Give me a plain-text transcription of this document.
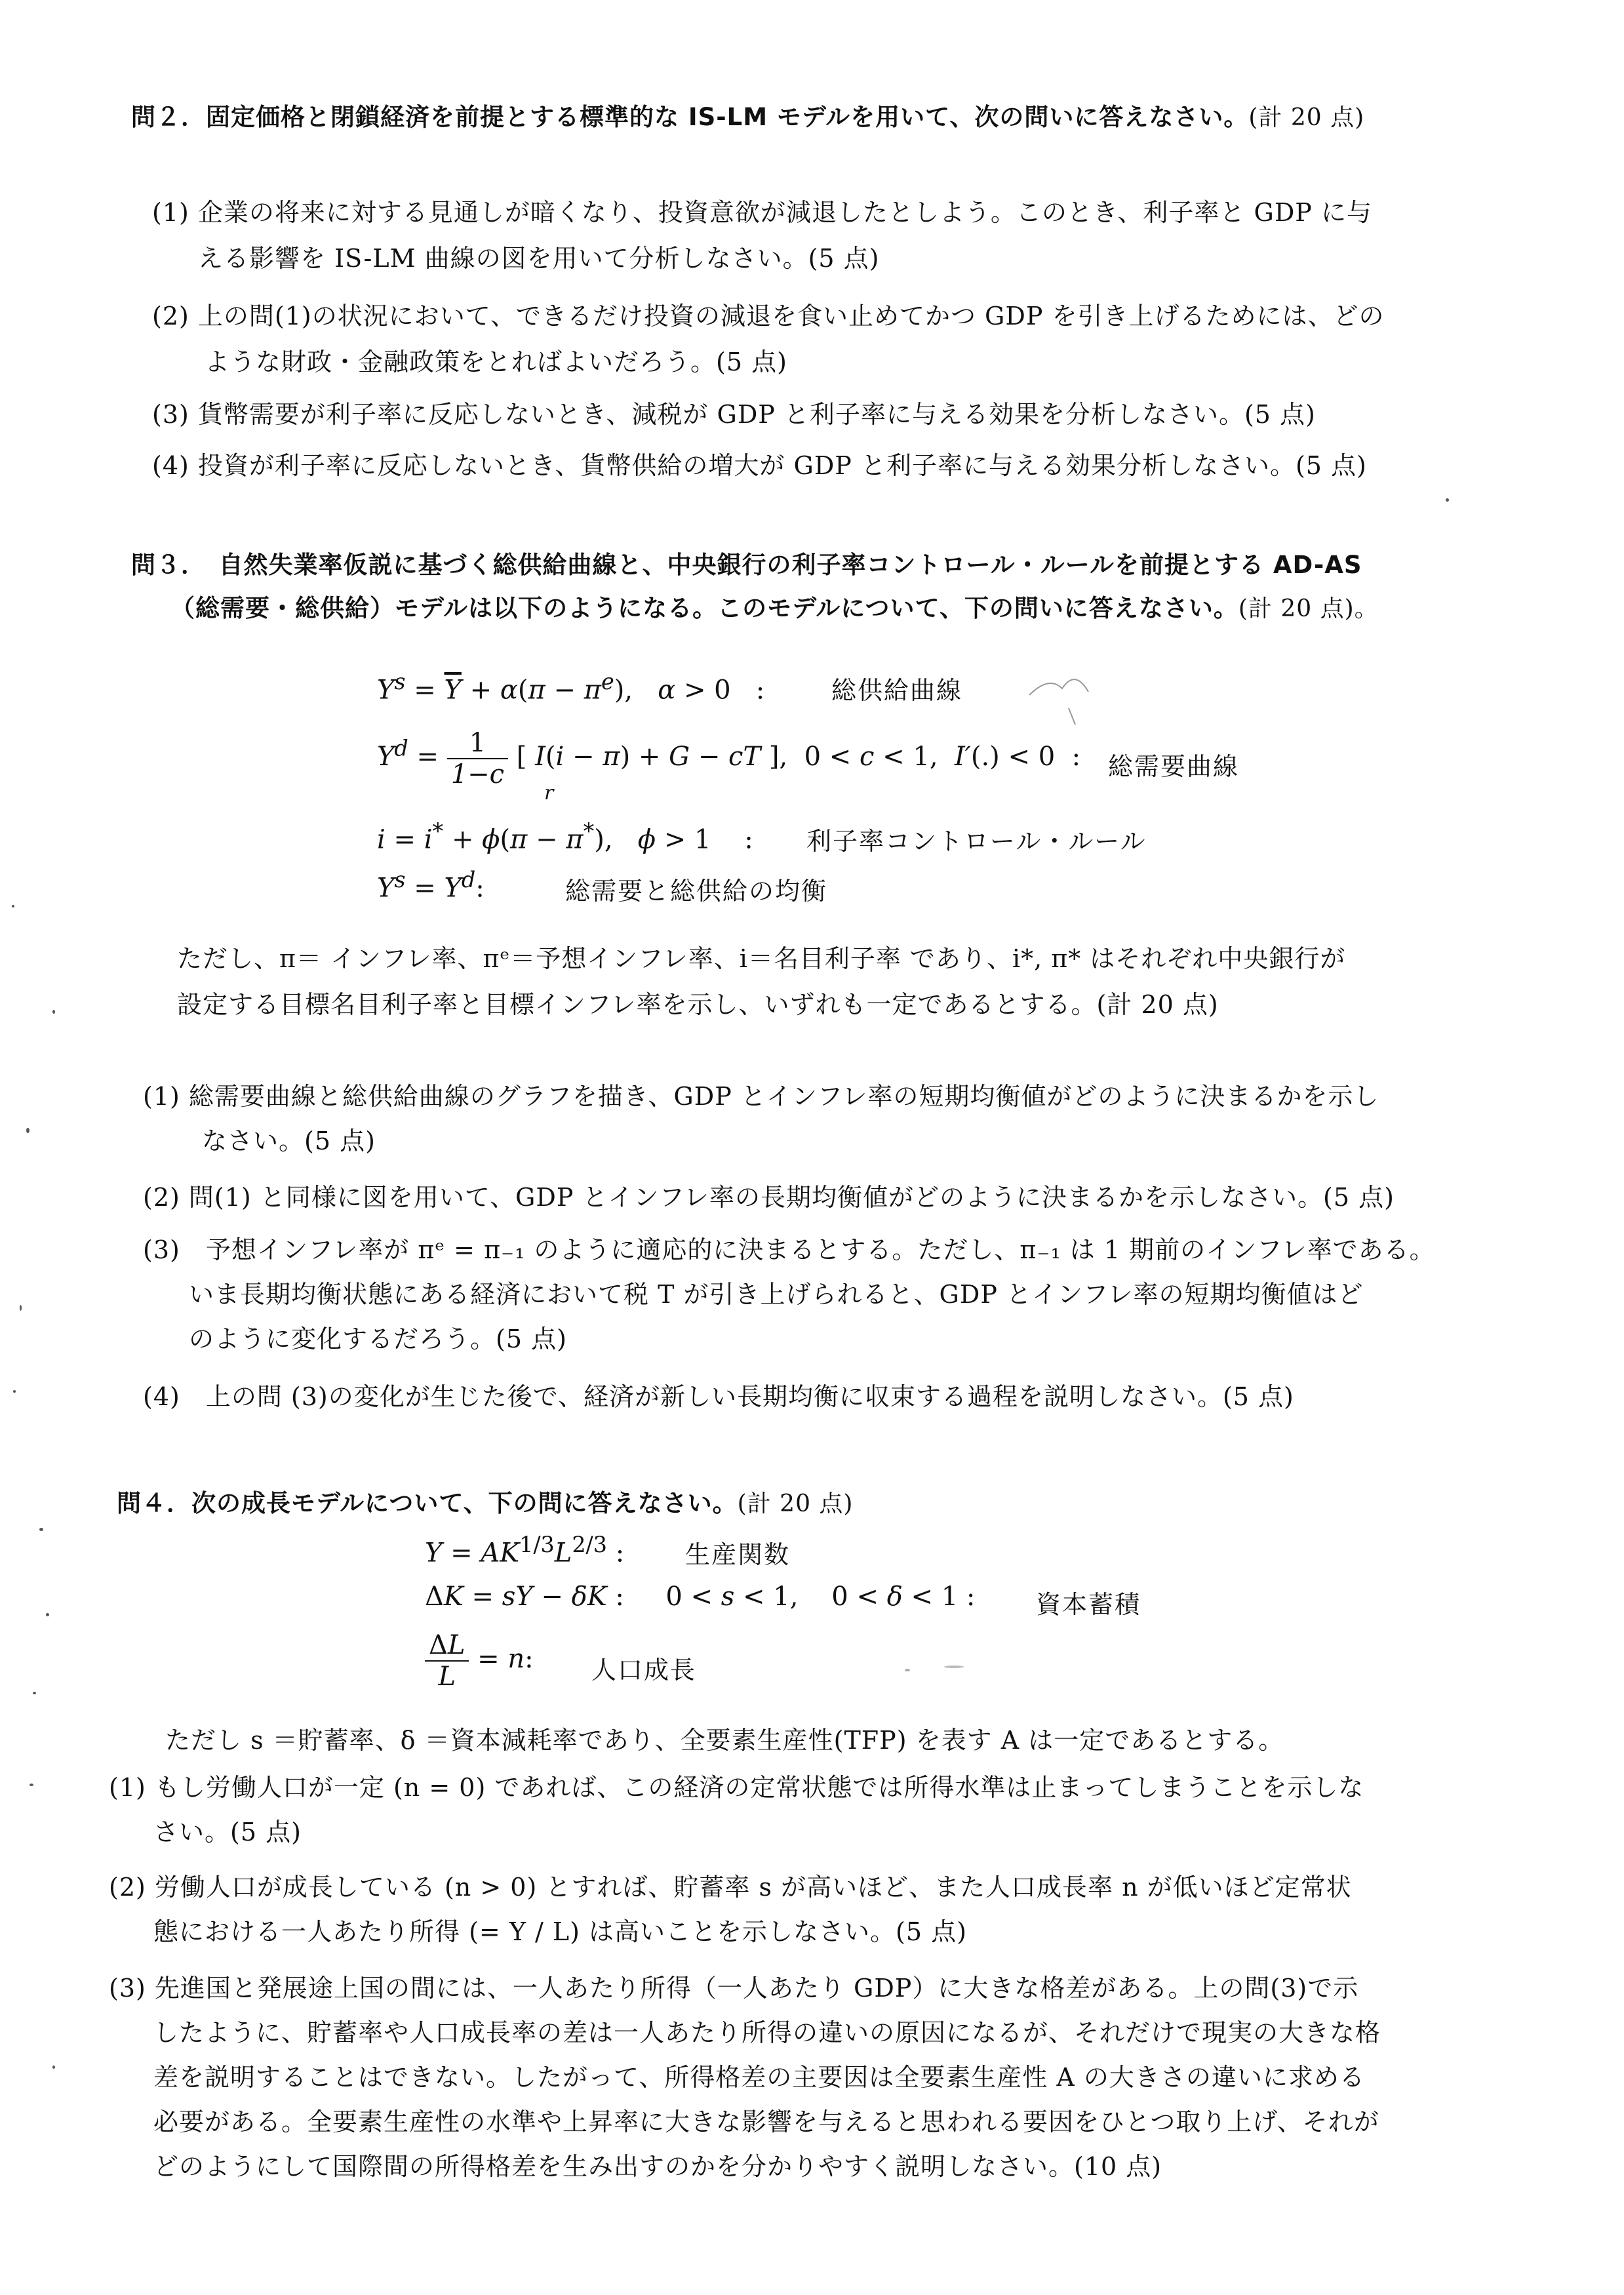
問２．固定価格と閉鎖経済を前提とする標準的な IS-LM モデルを用いて、次の問いに答えなさい。(計 20 点)
(1) 企業の将来に対する見通しが暗くなり、投資意欲が減退したとしよう。このとき、利子率と GDP に与
える影響を IS-LM 曲線の図を用いて分析しなさい。(5 点)
(2) 上の問(1)の状況において、できるだけ投資の減退を食い止めてかつ GDP を引き上げるためには、どの
ような財政・金融政策をとればよいだろう。(5 点)
(3) 貨幣需要が利子率に反応しないとき、減税が GDP と利子率に与える効果を分析しなさい。(5 点)
(4) 投資が利子率に反応しないとき、貨幣供給の増大が GDP と利子率に与える効果分析しなさい。(5 点)
問３．　自然失業率仮説に基づく総供給曲線と、中央銀行の利子率コントロール・ルールを前提とする AD-AS
（総需要・総供給）モデルは以下のようになる。このモデルについて、下の問いに答えなさい。(計 20 点)。
$Y^s = \overline{Y} + \alpha(\pi - \pi^e)$,   α > 0   :	総供給曲線
$Y^d = \frac{1}{1-c}$ [ I(i − π) + G − cT ], 0 < c < 1,  I′(.) < 0  :
r
総需要曲線
i = i* + ϕ(π − π*),   ϕ > 1    : 利子率コントロール・ルール
$Y^s = Y^d$:	総需要と総供給の均衡
ただし、π＝ インフレ率、πᵉ＝予想インフレ率、i＝名目利子率 であり、i*, π* はそれぞれ中央銀行が
設定する目標名目利子率と目標インフレ率を示し、いずれも一定であるとする。(計 20 点)
(1) 総需要曲線と総供給曲線のグラフを描き、GDP とインフレ率の短期均衡値がどのように決まるかを示し
なさい。(5 点)
(2) 問(1) と同様に図を用いて、GDP とインフレ率の長期均衡値がどのように決まるかを示しなさい。(5 点)
(3)　予想インフレ率が πᵉ = π₋₁ のように適応的に決まるとする。ただし、π₋₁ は 1 期前のインフレ率である。
いま長期均衡状態にある経済において税 T が引き上げられると、GDP とインフレ率の短期均衡値はど
のように変化するだろう。(5 点)
(4)　上の問 (3)の変化が生じた後で、経済が新しい長期均衡に収束する過程を説明しなさい。(5 点)
問４．次の成長モデルについて、下の問に答えなさい。(計 20 点)
$Y = AK^{1/3}L^{2/3}$ : 生産関数
ΔK = sY − δK : 0 < s < 1, 0 < δ < 1 : 資本蓄積
$\frac{\Delta L}{L} = n$: 人口成長
ただし s ＝貯蓄率、δ ＝資本減耗率であり、全要素生産性(TFP) を表す A は一定であるとする。
(1) もし労働人口が一定 (n = 0) であれば、この経済の定常状態では所得水準は止まってしまうことを示しな
さい。(5 点)
(2) 労働人口が成長している (n > 0) とすれば、貯蓄率 s が高いほど、また人口成長率 n が低いほど定常状
態における一人あたり所得 (= Y / L) は高いことを示しなさい。(5 点)
(3) 先進国と発展途上国の間には、一人あたり所得（一人あたり GDP）に大きな格差がある。上の問(3)で示
したように、貯蓄率や人口成長率の差は一人あたり所得の違いの原因になるが、それだけで現実の大きな格
差を説明することはできない。したがって、所得格差の主要因は全要素生産性 A の大きさの違いに求める
必要がある。全要素生産性の水準や上昇率に大きな影響を与えると思われる要因をひとつ取り上げ、それが
どのようにして国際間の所得格差を生み出すのかを分かりやすく説明しなさい。(10 点)
